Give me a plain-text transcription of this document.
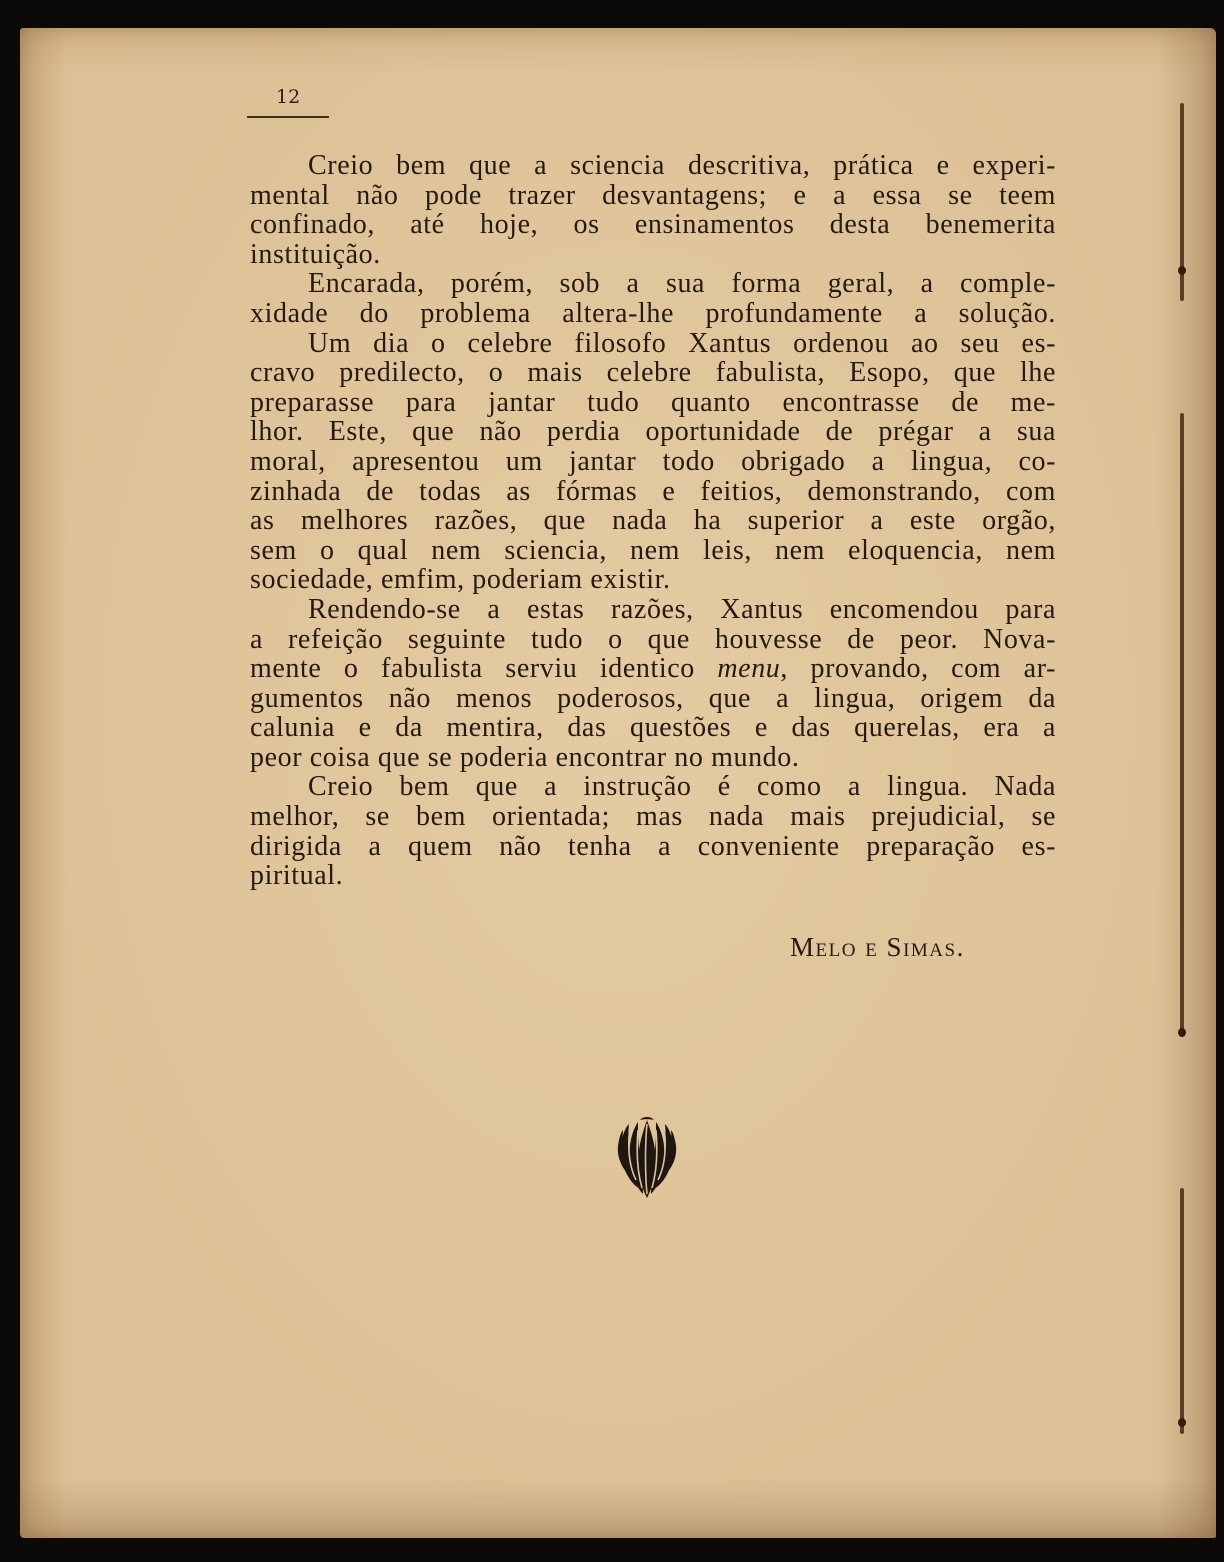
12

Creio bem que a sciencia descritiva, prática e experi-
mental não pode trazer desvantagens; e a essa se teem
confinado, até hoje, os ensinamentos desta benemerita
instituição.

Encarada, porém, sob a sua forma geral, a comple-
xidade do problema altera-lhe profundamente a solução.

Um dia o celebre filosofo Xantus ordenou ao seu es-
cravo predilecto, o mais celebre fabulista, Esopo, que lhe
preparasse para jantar tudo quanto encontrasse de me-
lhor. Este, que não perdia oportunidade de prégar a sua
moral, apresentou um jantar todo obrigado a lingua, co-
zinhada de todas as fórmas e feitios, demonstrando, com
as melhores razões, que nada ha superior a este orgão,
sem o qual nem sciencia, nem leis, nem eloquencia, nem
sociedade, emfim, poderiam existir.

Rendendo-se a estas razões, Xantus encomendou para
a refeição seguinte tudo o que houvesse de peor. Nova-
mente o fabulista serviu identico menu, provando, com ar-
gumentos não menos poderosos, que a lingua, origem da
calunia e da mentira, das questões e das querelas, era a
peor coisa que se poderia encontrar no mundo.

Creio bem que a instrução é como a lingua. Nada
melhor, se bem orientada; mas nada mais prejudicial, se
dirigida a quem não tenha a conveniente preparação es-
piritual.

Melo e Simas.
